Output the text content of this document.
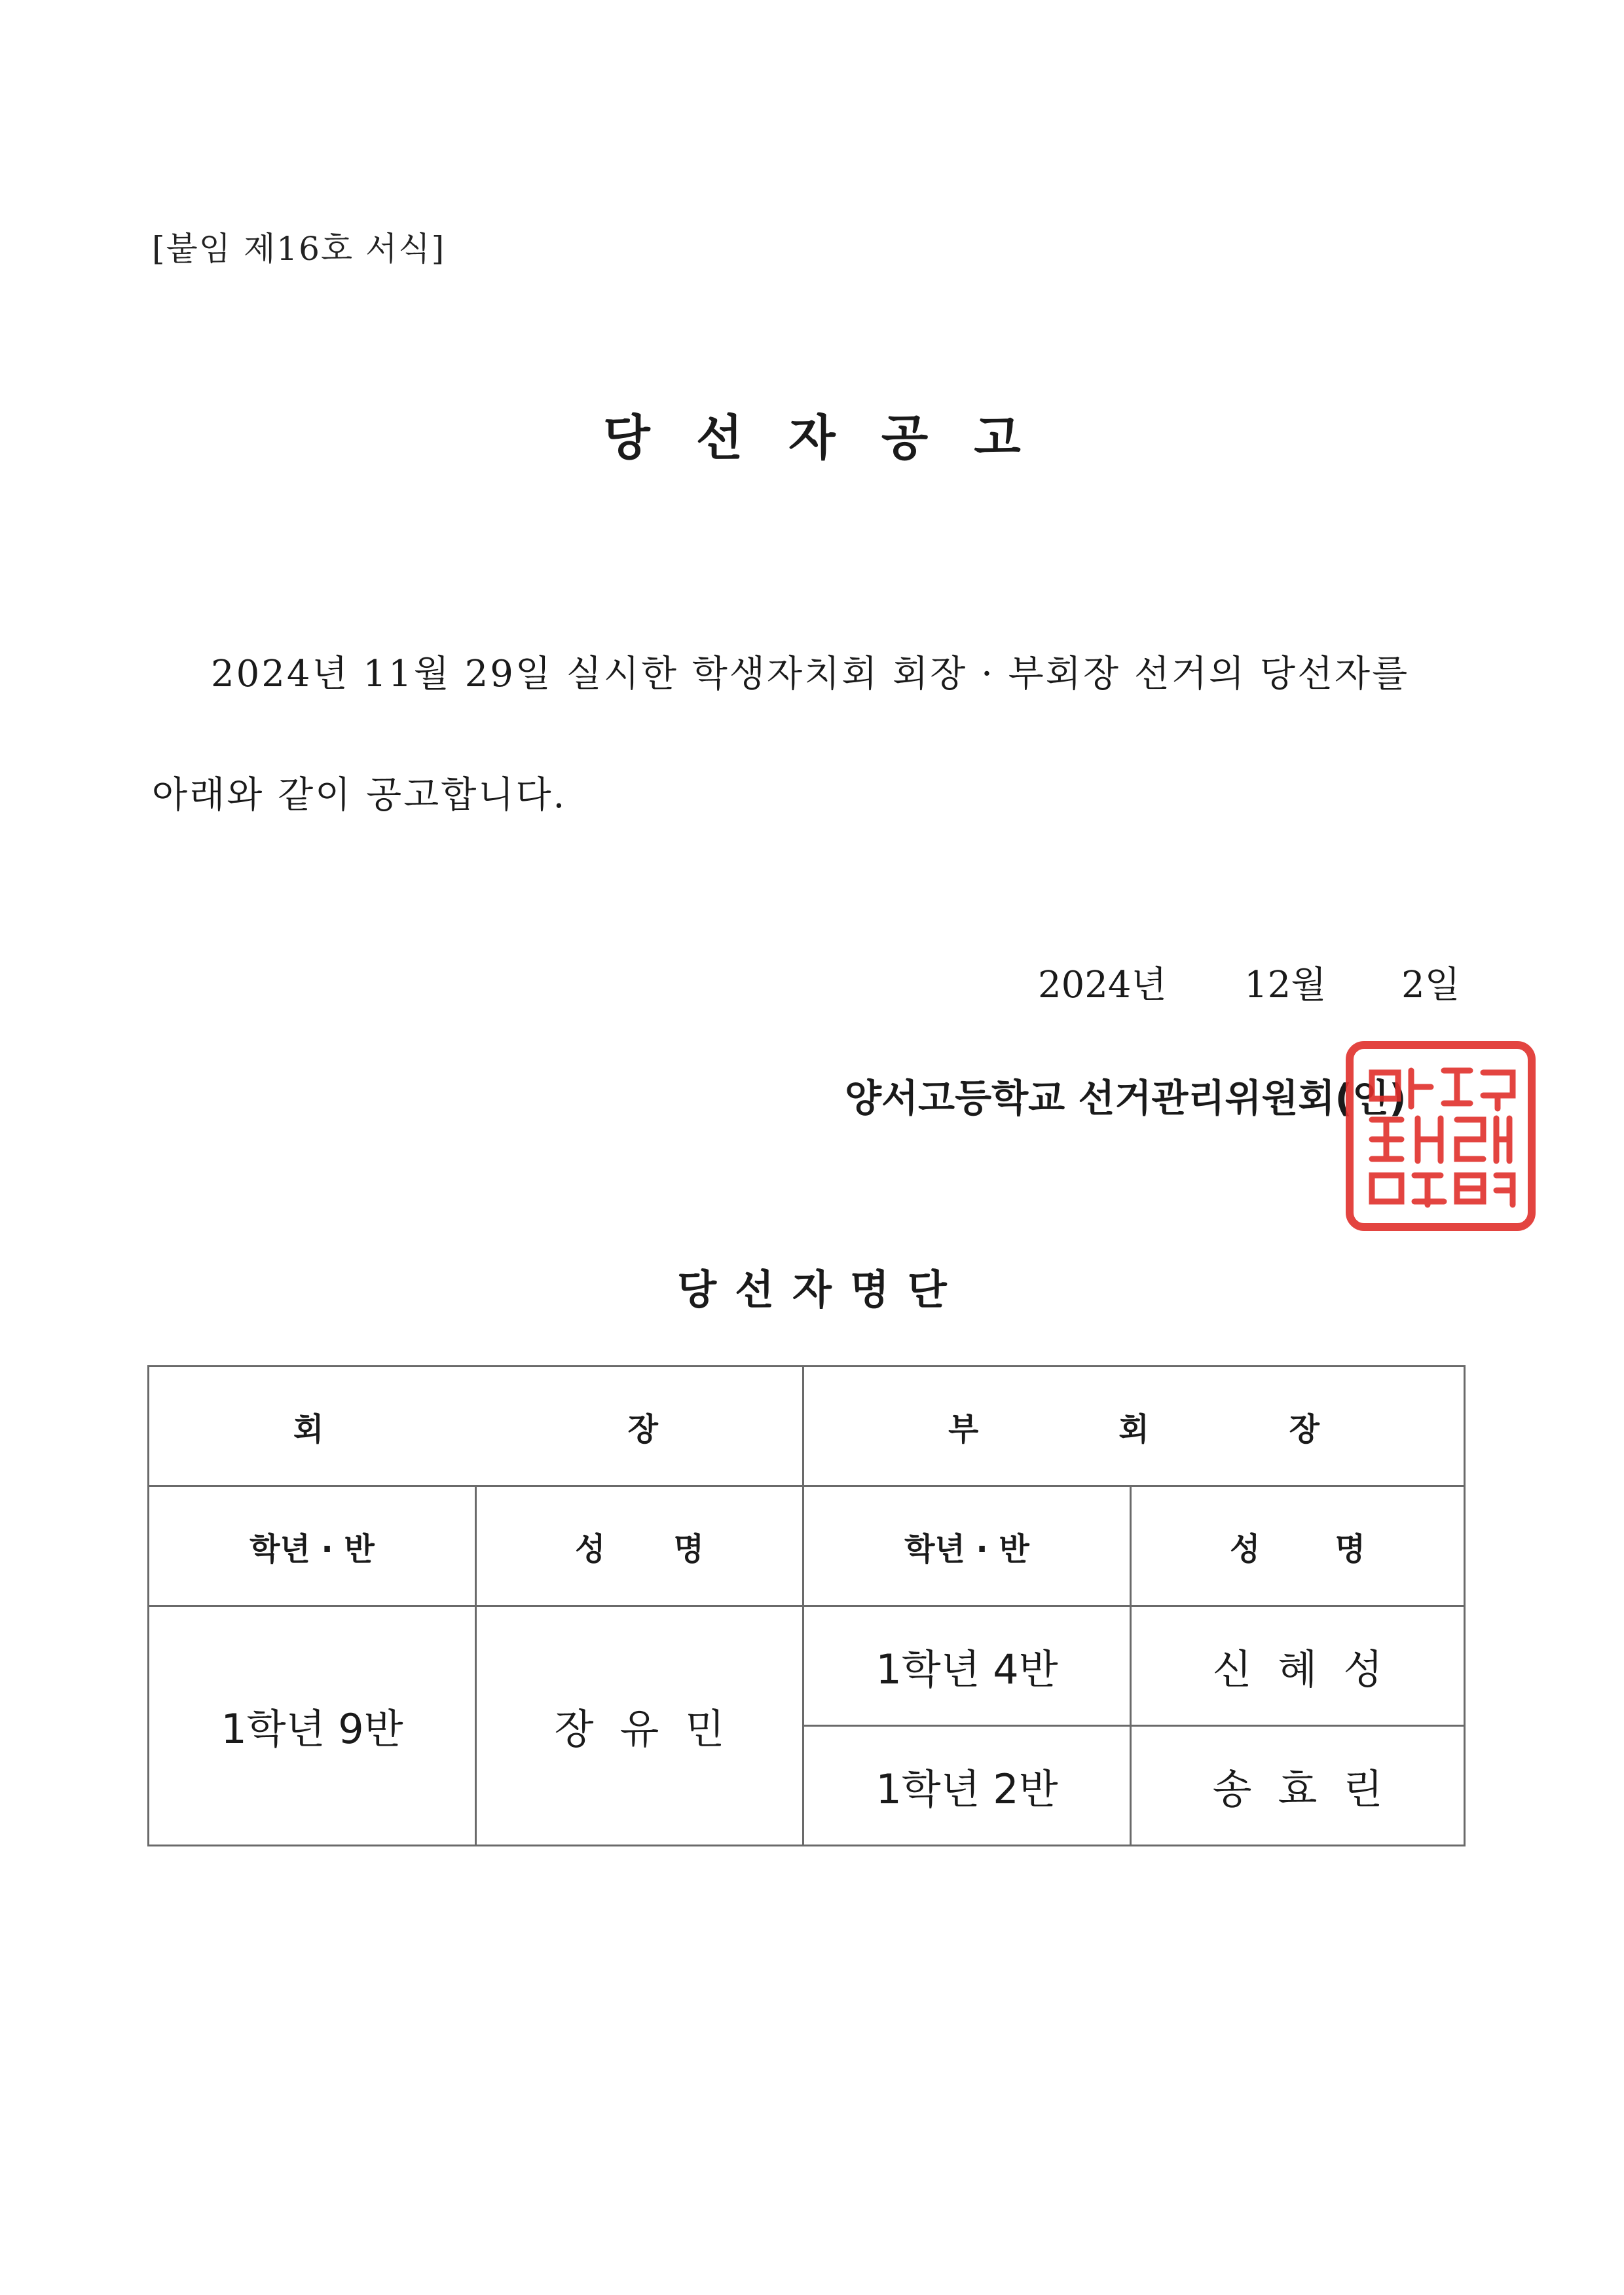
[붙임 제16호 서식]
당선자공고
2024년 11월 29일 실시한 학생자치회 회장 · 부회장 선거의 당선자를
아래와 같이 공고합니다.
2024년 12월 2일
양서고등학교 선거관리위원회(인)
당선자명단
회 장		부 회 장	

학년 · 반	성 명	학년 · 반	성 명

1학년 9반	장유민	1학년 4반	신혜성
		1학년 2반	송효린
